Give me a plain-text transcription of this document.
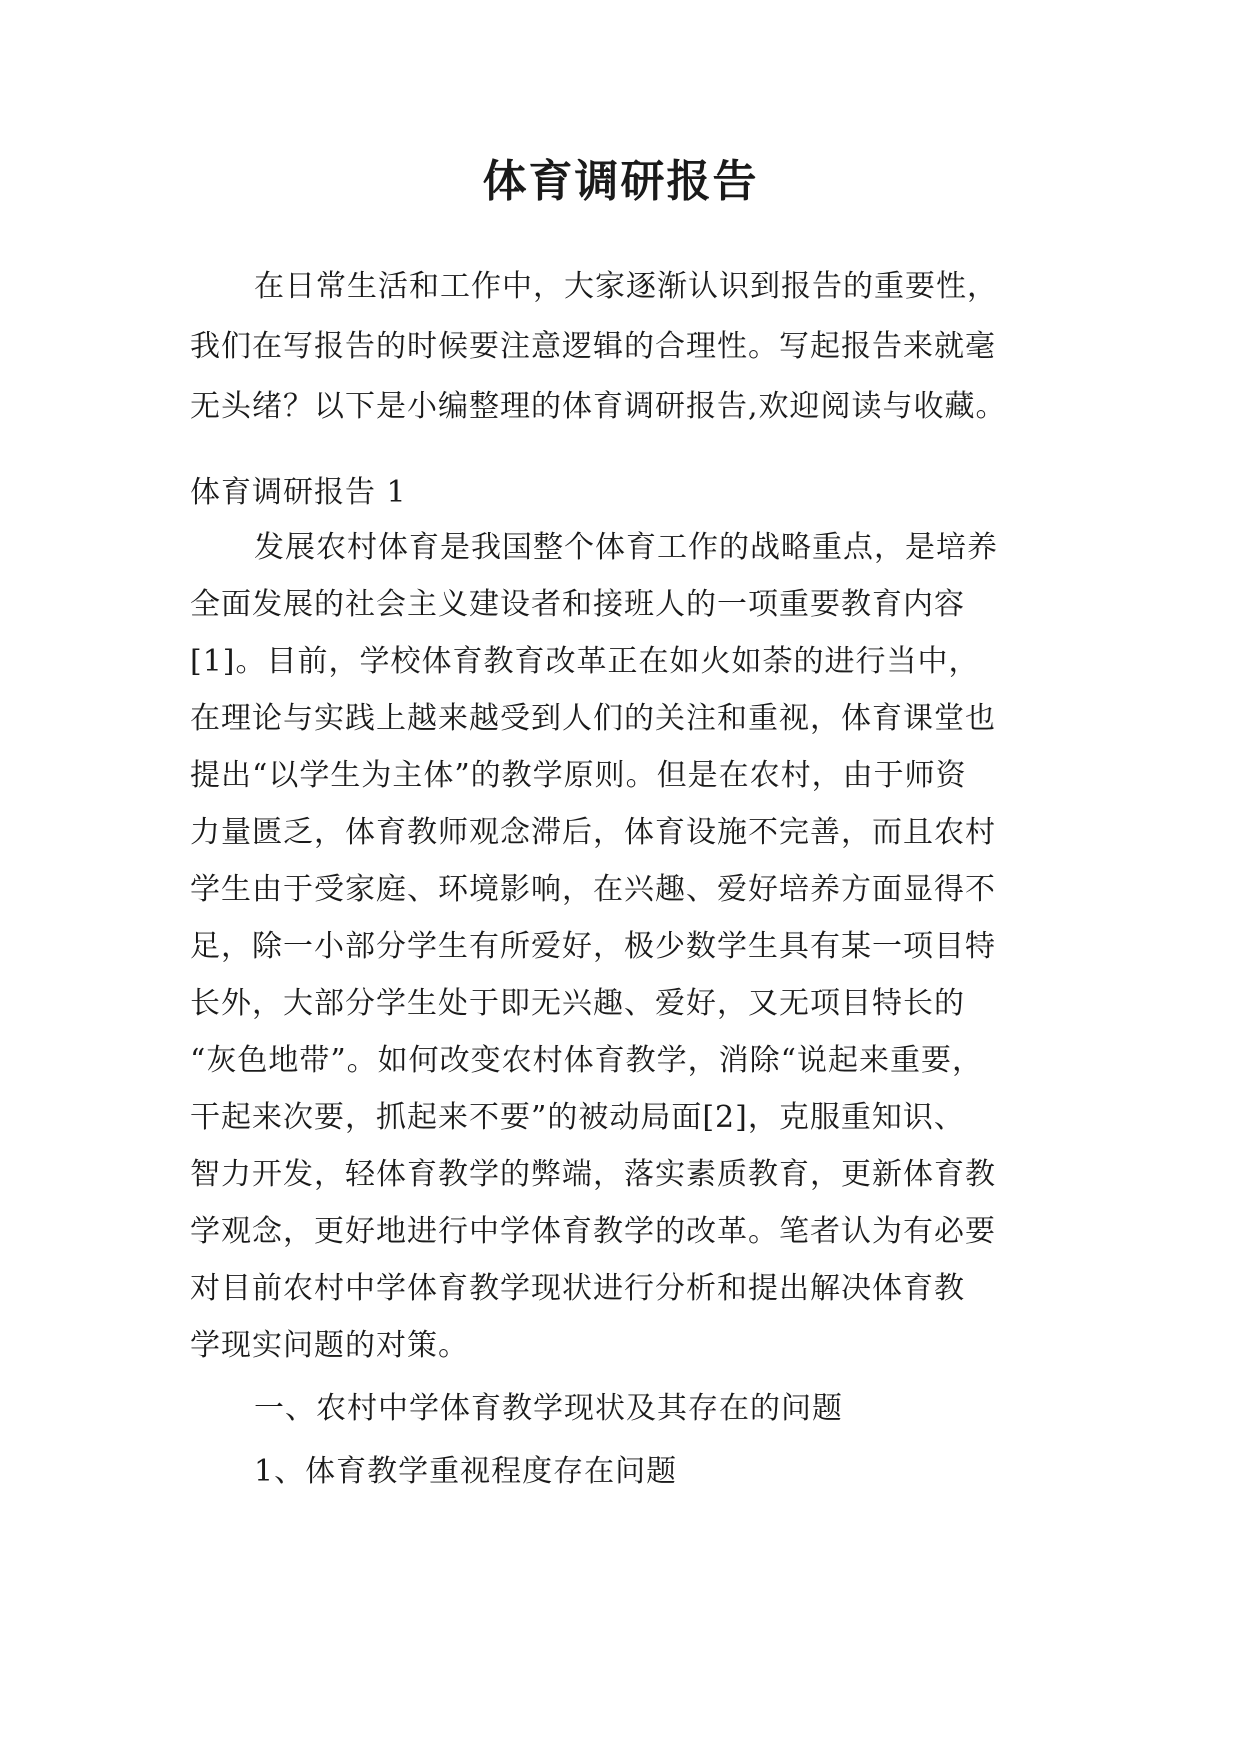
体育调研报告
在日常生活和工作中，大家逐渐认识到报告的重要性，
我们在写报告的时候要注意逻辑的合理性。写起报告来就毫
无头绪？以下是小编整理的体育调研报告,欢迎阅读与收藏。
体育调研报告 1
发展农村体育是我国整个体育工作的战略重点，是培养
全面发展的社会主义建设者和接班人的一项重要教育内容
[1]。目前，学校体育教育改革正在如火如荼的进行当中，
在理论与实践上越来越受到人们的关注和重视，体育课堂也
提出“以学生为主体”的教学原则。但是在农村，由于师资
力量匮乏，体育教师观念滞后，体育设施不完善，而且农村
学生由于受家庭、环境影响，在兴趣、爱好培养方面显得不
足，除一小部分学生有所爱好，极少数学生具有某一项目特
长外，大部分学生处于即无兴趣、爱好，又无项目特长的
“灰色地带”。如何改变农村体育教学，消除“说起来重要，
干起来次要，抓起来不要”的被动局面[2]，克服重知识、
智力开发，轻体育教学的弊端，落实素质教育，更新体育教
学观念，更好地进行中学体育教学的改革。笔者认为有必要
对目前农村中学体育教学现状进行分析和提出解决体育教
学现实问题的对策。
一、农村中学体育教学现状及其存在的问题
1、体育教学重视程度存在问题
